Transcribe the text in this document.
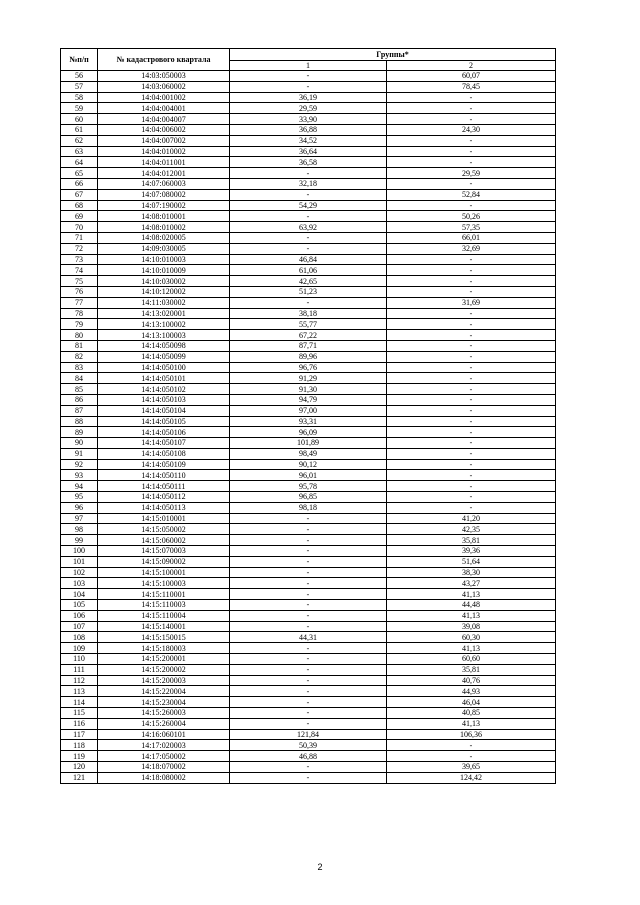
№п/п	№ кадастрового квартала	Группы*	
		1	2
56	14:03:050003	-	60,07
57	14:03:060002	-	78,45
58	14:04:001002	36,19	-
59	14:04:004001	29,59	-
60	14:04:004007	33,90	-
61	14:04:006002	36,88	24,30
62	14:04:007002	34,52	-
63	14:04:010002	36,64	-
64	14:04:011001	36,58	-
65	14:04:012001	-	29,59
66	14:07:060003	32,18	-
67	14:07:080002	-	52,84
68	14:07:190002	54,29	-
69	14:08:010001	-	50,26
70	14:08:010002	63,92	57,35
71	14:08:020005	-	66,01
72	14:09:030005	-	32,69
73	14:10:010003	46,84	-
74	14:10:010009	61,06	-
75	14:10:030002	42,65	-
76	14:10:120002	51,23	-
77	14:11:030002	-	31,69
78	14:13:020001	38,18	-
79	14:13:100002	55,77	-
80	14:13:100003	67,22	-
81	14:14:050098	87,71	-
82	14:14:050099	89,96	-
83	14:14:050100	96,76	-
84	14:14:050101	91,29	-
85	14:14:050102	91,30	-
86	14:14:050103	94,79	-
87	14:14:050104	97,00	-
88	14:14:050105	93,31	-
89	14:14:050106	96,09	-
90	14:14:050107	101,89	-
91	14:14:050108	98,49	-
92	14:14:050109	90,12	-
93	14:14:050110	96,01	-
94	14:14:050111	95,78	-
95	14:14:050112	96,85	-
96	14:14:050113	98,18	-
97	14:15:010001	-	41,20
98	14:15:050002	-	42,35
99	14:15:060002	-	35,81
100	14:15:070003	-	39,36
101	14:15:090002	-	51,64
102	14:15:100001	-	38,30
103	14:15:100003	-	43,27
104	14:15:110001	-	41,13
105	14:15:110003	-	44,48
106	14:15:110004	-	41,13
107	14:15:140001	-	39,08
108	14:15:150015	44,31	60,30
109	14:15:180003	-	41,13
110	14:15:200001	-	60,60
111	14:15:200002	-	35,81
112	14:15:200003	-	40,76
113	14:15:220004	-	44,93
114	14:15:230004	-	46,04
115	14:15:260003	-	40,85
116	14:15:260004	-	41,13
117	14:16:060101	121,84	106,36
118	14:17:020003	50,39	-
119	14:17:050002	46,88	-
120	14:18:070002	-	39,65
121	14:18:080002	-	124,42
2
